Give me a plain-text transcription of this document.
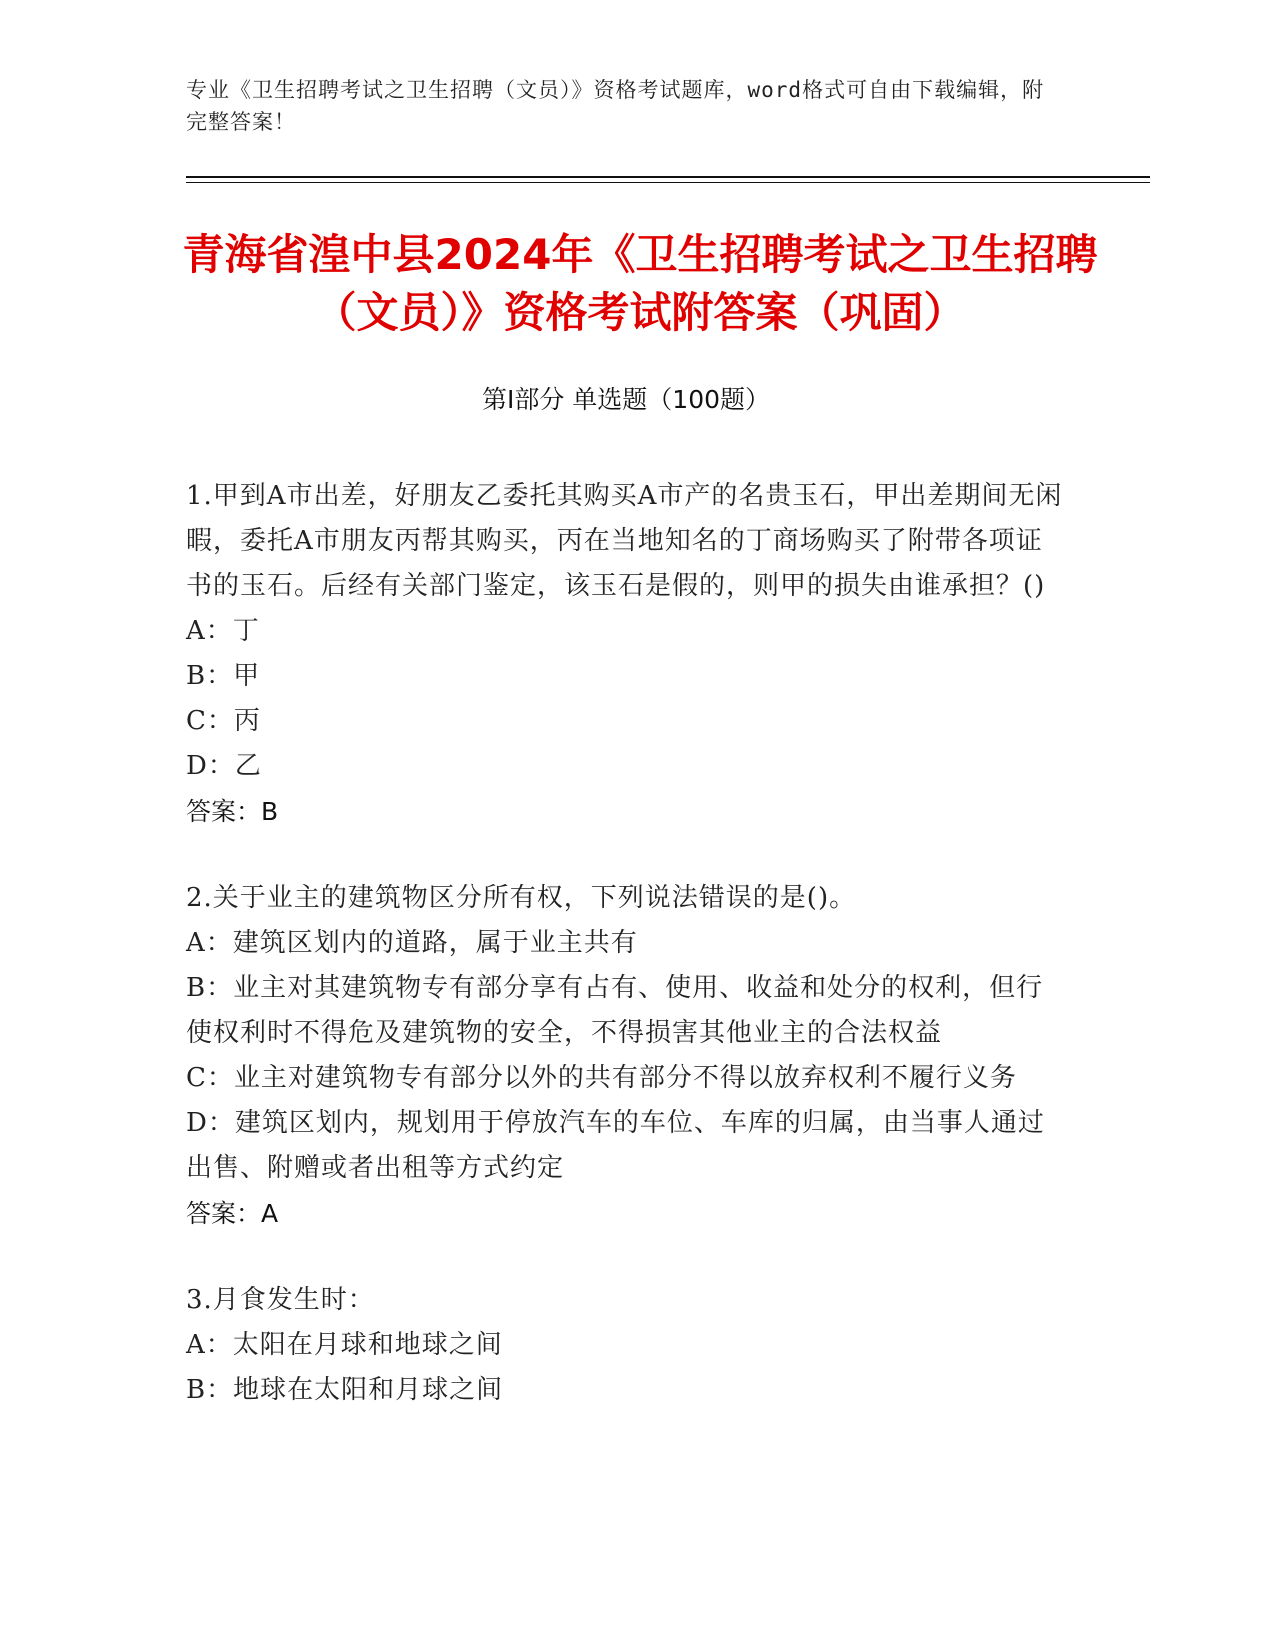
专业《卫生招聘考试之卫生招聘（文员）》资格考试题库，word格式可自由下载编辑，附完整答案！
青海省湟中县2024年《卫生招聘考试之卫生招聘（文员）》资格考试附答案（巩固）
第I部分 单选题（100题）
1.甲到A市出差，好朋友乙委托其购买A市产的名贵玉石，甲出差期间无闲暇，委托A市朋友丙帮其购买，丙在当地知名的丁商场购买了附带各项证书的玉石。后经有关部门鉴定，该玉石是假的，则甲的损失由谁承担？()
A：丁
B：甲
C：丙
D：乙
答案：B
2.关于业主的建筑物区分所有权，下列说法错误的是()。
A：建筑区划内的道路，属于业主共有
B：业主对其建筑物专有部分享有占有、使用、收益和处分的权利，但行使权利时不得危及建筑物的安全，不得损害其他业主的合法权益
C：业主对建筑物专有部分以外的共有部分不得以放弃权利不履行义务
D：建筑区划内，规划用于停放汽车的车位、车库的归属，由当事人通过出售、附赠或者出租等方式约定
答案：A
3.月食发生时：
A：太阳在月球和地球之间
B：地球在太阳和月球之间
